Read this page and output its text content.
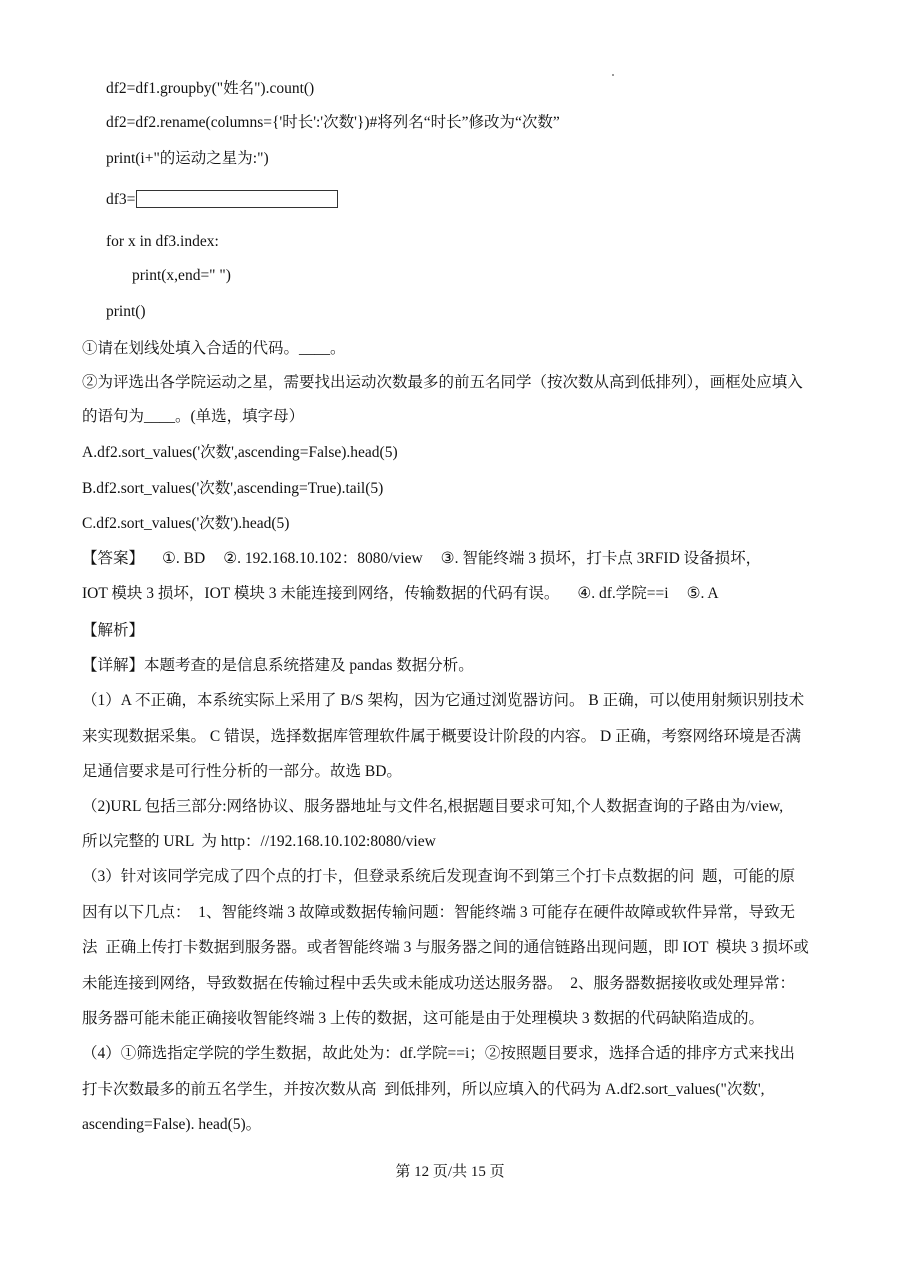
df2=df1.groupby("姓名").count()
df2=df2.rename(columns={'时长':'次数'})#将列名“时长”修改为“次数”
print(i+"的运动之星为:")
df3=
for x in df3.index:
print(x,end=" ")
print()
①请在划线处填入合适的代码。____。
②为评选出各学院运动之星，需要找出运动次数最多的前五名同学（按次数从高到低排列），画框处应填入
的语句为____。(单选，填字母）
A.df2.sort_values('次数',ascending=False).head(5)
B.df2.sort_values('次数',ascending=True).tail(5)
C.df2.sort_values('次数').head(5)
【答案】 ①. BD ②. 192.168.10.102：8080/view ③. 智能终端 3 损坏，打卡点 3RFID 设备损坏，
IOT 模块 3 损坏，IOT 模块 3 未能连接到网络，传输数据的代码有误。 ④. df.学院==i ⑤. A
【解析】
【详解】本题考查的是信息系统搭建及 pandas 数据分析。
（1）A 不正确，本系统实际上采用了 B/S 架构，因为它通过浏览器访问。 B 正确，可以使用射频识别技术
来实现数据采集。 C 错误，选择数据库管理软件属于概要设计阶段的内容。 D 正确，考察网络环境是否满
足通信要求是可行性分析的一部分。故选 BD。
（2)URL 包括三部分:网络协议、服务器地址与文件名,根据题目要求可知,个人数据查询的子路由为/view,
所以完整的 URL  为 http：//192.168.10.102:8080/view
（3）针对该同学完成了四个点的打卡，但登录系统后发现查询不到第三个打卡点数据的问  题，可能的原
因有以下几点：  1、智能终端 3 故障或数据传输问题：智能终端 3 可能存在硬件故障或软件异常，导致无
法  正确上传打卡数据到服务器。或者智能终端 3 与服务器之间的通信链路出现问题，即 IOT  模块 3 损坏或
未能连接到网络，导致数据在传输过程中丢失或未能成功送达服务器。  2、服务器数据接收或处理异常：
服务器可能未能正确接收智能终端 3 上传的数据，这可能是由于处理模块 3 数据的代码缺陷造成的。
（4）①筛选指定学院的学生数据，故此处为：df.学院==i；②按照题目要求，选择合适的排序方式来找出
打卡次数最多的前五名学生，并按次数从高  到低排列，所以应填入的代码为 A.df2.sort_values("次数',
ascending=False). head(5)。
第 12 页/共 15 页
